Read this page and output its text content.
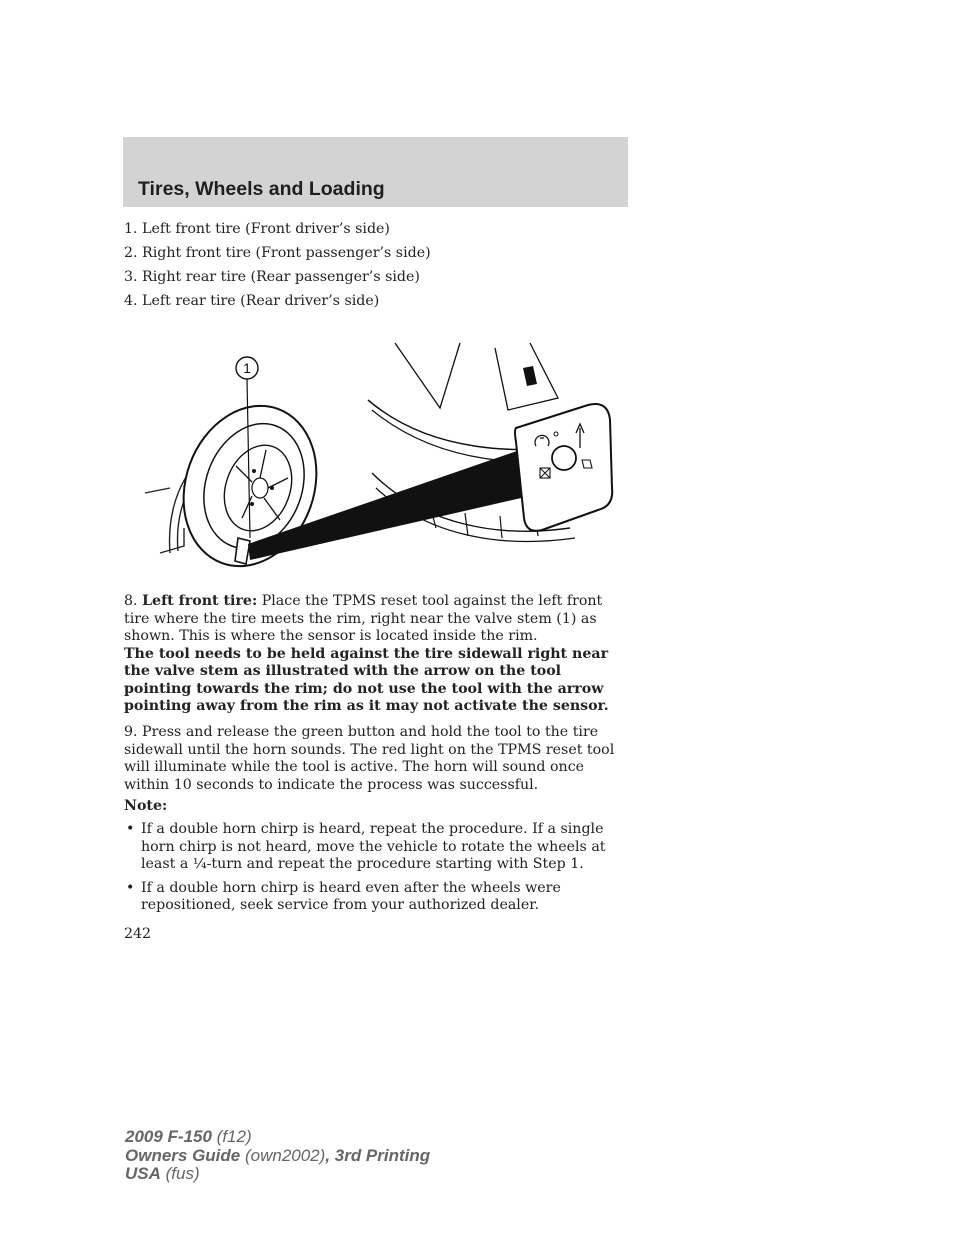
Tires, Wheels and Loading
1. Left front tire (Front driver’s side)
2. Right front tire (Front passenger’s side)
3. Right rear tire (Rear passenger’s side)
4. Left rear tire (Rear driver’s side)
1

8. Left front tire: Place the TPMS reset tool against the left front tire where the tire meets the rim, right near the valve stem (1) as shown. This is where the sensor is located inside the rim.

The tool needs to be held against the tire sidewall right near the valve stem as illustrated with the arrow on the tool pointing towards the rim; do not use the tool with the arrow pointing away from the rim as it may not activate the sensor.

9. Press and release the green button and hold the tool to the tire sidewall until the horn sounds. The red light on the TPMS reset tool will illuminate while the tool is active. The horn will sound once within 10 seconds to indicate the process was successful.

Note:

• If a double horn chirp is heard, repeat the procedure. If a single horn chirp is not heard, move the vehicle to rotate the wheels at least a ¼-turn and repeat the procedure starting with Step 1.
• If a double horn chirp is heard even after the wheels were repositioned, seek service from your authorized dealer.

242

2009 F-150 (f12)
Owners Guide (own2002), 3rd Printing
USA (fus)
